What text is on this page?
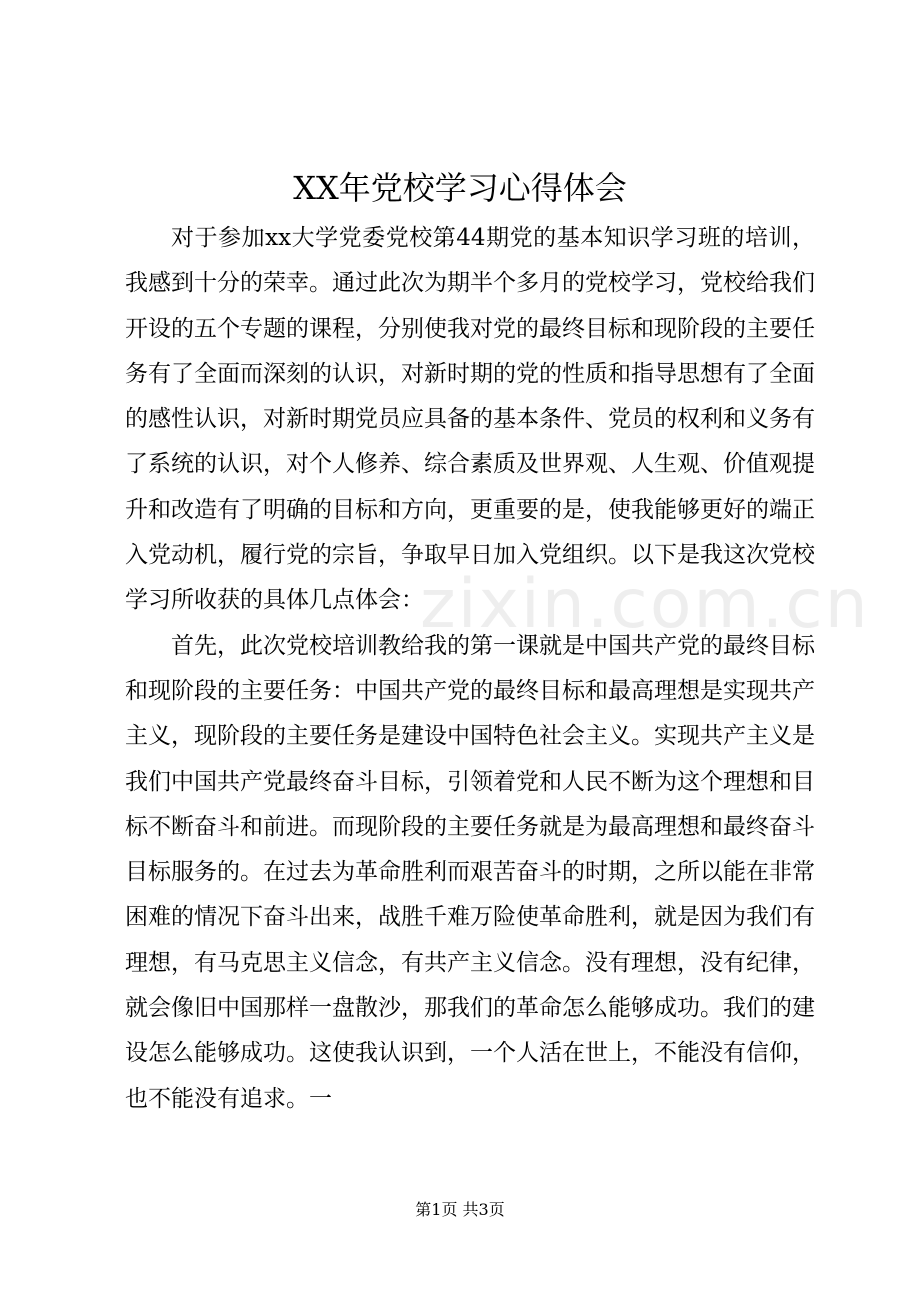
XX年党校学习心得体会

对于参加xx大学党委党校第44期党的基本知识学习班的培训，我感到十分的荣幸。通过此次为期半个多月的党校学习，党校给我们开设的五个专题的课程，分别使我对党的最终目标和现阶段的主要任务有了全面而深刻的认识，对新时期的党的性质和指导思想有了全面的感性认识，对新时期党员应具备的基本条件、党员的权利和义务有了系统的认识，对个人修养、综合素质及世界观、人生观、价值观提升和改造有了明确的目标和方向，更重要的是，使我能够更好的端正入党动机，履行党的宗旨，争取早日加入党组织。以下是我这次党校学习所收获的具体几点体会：

首先，此次党校培训教给我的第一课就是中国共产党的最终目标和现阶段的主要任务：中国共产党的最终目标和最高理想是实现共产主义，现阶段的主要任务是建设中国特色社会主义。实现共产主义是我们中国共产党最终奋斗目标，引领着党和人民不断为这个理想和目标不断奋斗和前进。而现阶段的主要任务就是为最高理想和最终奋斗目标服务的。在过去为革命胜利而艰苦奋斗的时期，之所以能在非常困难的情况下奋斗出来，战胜千难万险使革命胜利，就是因为我们有理想，有马克思主义信念，有共产主义信念。没有理想，没有纪律，就会像旧中国那样一盘散沙，那我们的革命怎么能够成功。我们的建设怎么能够成功。这使我认识到，一个人活在世上，不能没有信仰，也不能没有追求。一

zixin.com.cn
第1页 共3页
